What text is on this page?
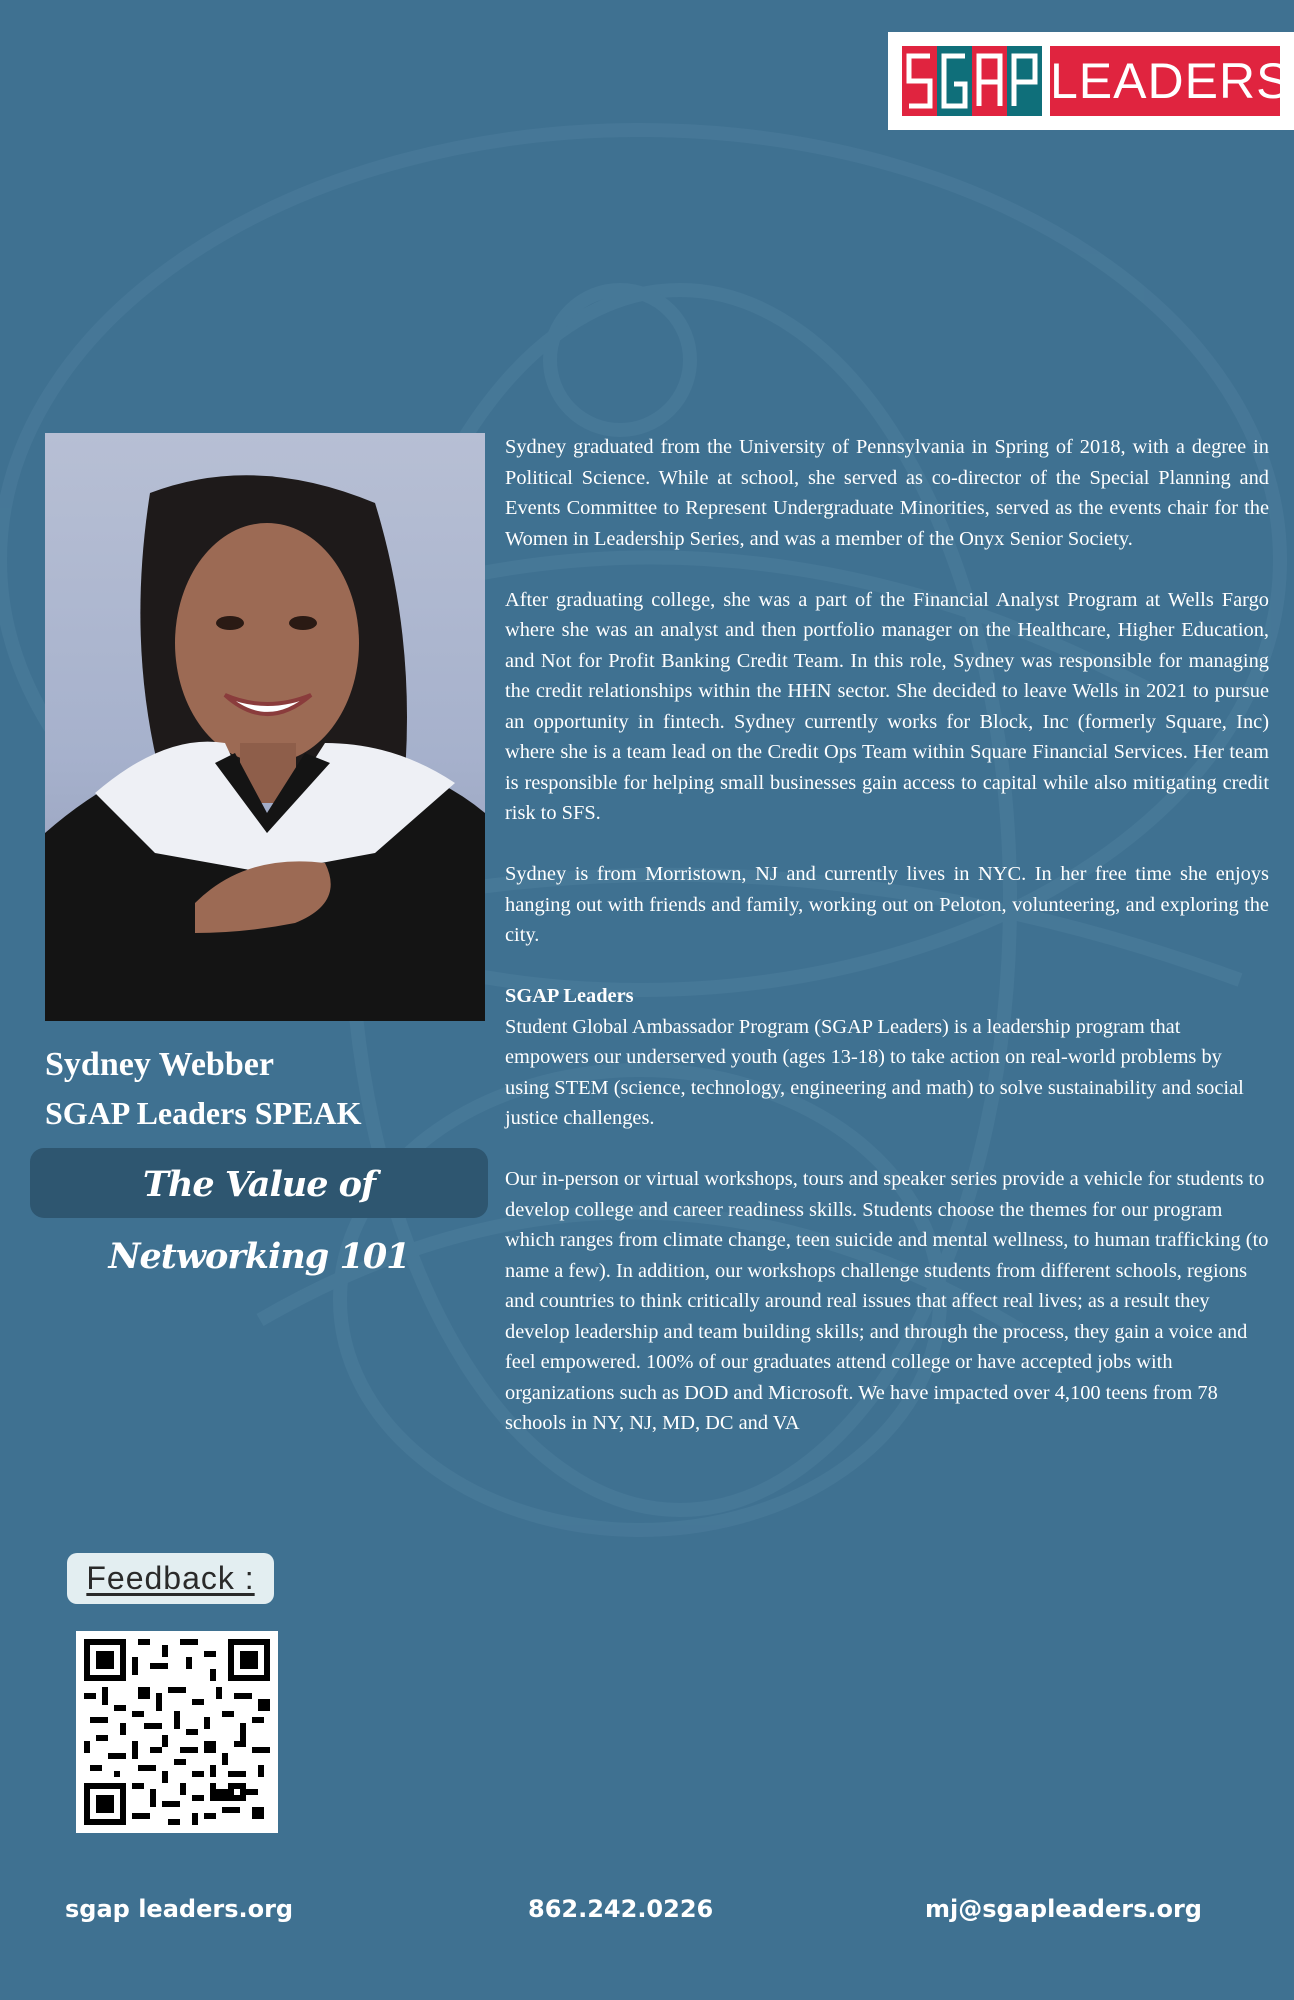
LEADERS
Sydney Webber
SGAP Leaders SPEAK
The Value of Networking 101

Sydney graduated from the University of Pennsylvania in Spring of 2018, with a degree in Political Science. While at school, she served as co-director of the Special Planning and Events Committee to Represent Undergraduate Minorities, served as the events chair for the Women in Leadership Series, and was a member of the Onyx Senior Society.

After graduating college, she was a part of the Financial Analyst Program at Wells Fargo where she was an analyst and then portfolio manager on the Healthcare, Higher Education, and Not for Profit Banking Credit Team. In this role, Sydney was responsible for managing the credit relationships within the HHN sector. She decided to leave Wells in 2021 to pursue an opportunity in fintech. Sydney currently works for Block, Inc (formerly Square, Inc) where she is a team lead on the Credit Ops Team within Square Financial Services. Her team is responsible for helping small businesses gain access to capital while also mitigating credit risk to SFS.

Sydney is from Morristown, NJ and currently lives in NYC. In her free time she enjoys hanging out with friends and family, working out on Peloton, volunteering, and exploring the city.

SGAP Leaders

Student Global Ambassador Program (SGAP Leaders) is a leadership program that empowers our underserved youth (ages 13-18) to take action on real-world problems by using STEM (science, technology, engineering and math) to solve sustainability and social justice challenges.

Our in-person or virtual workshops, tours and speaker series provide a vehicle for students to develop college and career readiness skills. Students choose the themes for our program which ranges from climate change, teen suicide and mental wellness, to human trafficking (to name a few). In addition, our workshops challenge students from different schools, regions and countries to think critically around real issues that affect real lives; as a result they develop leadership and team building skills; and through the process, they gain a voice and feel empowered. 100% of our graduates attend college or have accepted jobs with organizations such as DOD and Microsoft. We have impacted over 4,100 teens from 78 schools in NY, NJ, MD, DC and VA

Feedback :
sgap leaders.org	862.242.0226	mj@sgapleaders.org
